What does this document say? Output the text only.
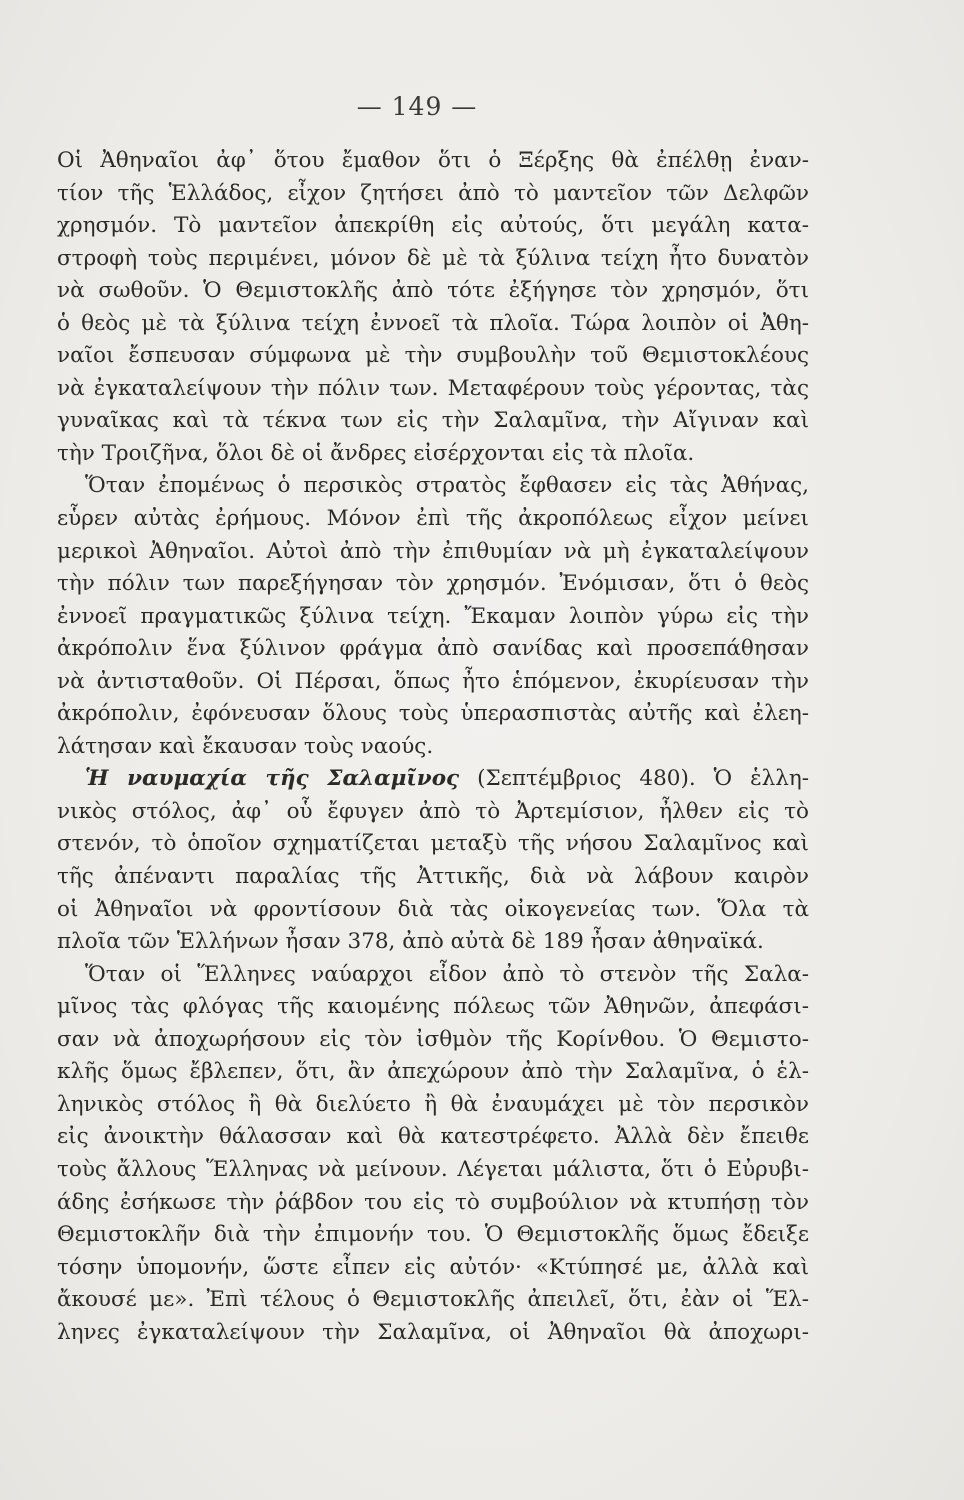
— 149 —
Οἱ Ἀθηναῖοι ἀφ᾽ ὅτου ἔμαθον ὅτι ὁ Ξέρξης θὰ ἐπέλθῃ ἐναν-
τίον τῆς Ἑλλάδος, εἶχον ζητήσει ἀπὸ τὸ μαντεῖον τῶν Δελφῶν
χρησμόν. Τὸ μαντεῖον ἀπεκρίθη εἰς αὐτούς, ὅτι μεγάλη κατα-
στροφὴ τοὺς περιμένει, μόνον δὲ μὲ τὰ ξύλινα τείχη ἦτο δυνατὸν
νὰ σωθοῦν. Ὁ Θεμιστοκλῆς ἀπὸ τότε ἐξήγησε τὸν χρησμόν, ὅτι
ὁ θεὸς μὲ τὰ ξύλινα τείχη ἐννοεῖ τὰ πλοῖα. Τώρα λοιπὸν οἱ Ἀθη-
ναῖοι ἔσπευσαν σύμφωνα μὲ τὴν συμβουλὴν τοῦ Θεμιστοκλέους
νὰ ἐγκαταλείψουν τὴν πόλιν των. Μεταφέρουν τοὺς γέροντας, τὰς
γυναῖκας καὶ τὰ τέκνα των εἰς τὴν Σαλαμῖνα, τὴν Αἴγιναν καὶ
τὴν Τροιζῆνα, ὅλοι δὲ οἱ ἄνδρες εἰσέρχονται εἰς τὰ πλοῖα.
Ὅταν ἐπομένως ὁ περσικὸς στρατὸς ἔφθασεν εἰς τὰς Ἀθήνας,
εὗρεν αὐτὰς ἐρήμους. Μόνον ἐπὶ τῆς ἀκροπόλεως εἶχον μείνει
μερικοὶ Ἀθηναῖοι. Αὐτοὶ ἀπὸ τὴν ἐπιθυμίαν νὰ μὴ ἐγκαταλείψουν
τὴν πόλιν των παρεξήγησαν τὸν χρησμόν. Ἐνόμισαν, ὅτι ὁ θεὸς
ἐννοεῖ πραγματικῶς ξύλινα τείχη. Ἔκαμαν λοιπὸν γύρω εἰς τὴν
ἀκρόπολιν ἕνα ξύλινον φράγμα ἀπὸ σανίδας καὶ προσεπάθησαν
νὰ ἀντισταθοῦν. Οἱ Πέρσαι, ὅπως ἦτο ἑπόμενον, ἐκυρίευσαν τὴν
ἀκρόπολιν, ἐφόνευσαν ὅλους τοὺς ὑπερασπιστὰς αὐτῆς καὶ ἐλεη-
λάτησαν καὶ ἔκαυσαν τοὺς ναούς.
Ἡ ναυμαχία τῆς Σαλαμῖνος (Σεπτέμβριος 480). Ὁ ἑλλη-
νικὸς στόλος, ἀφ᾽ οὗ ἔφυγεν ἀπὸ τὸ Ἀρτεμίσιον, ἦλθεν εἰς τὸ
στενόν, τὸ ὁποῖον σχηματίζεται μεταξὺ τῆς νήσου Σαλαμῖνος καὶ
τῆς ἀπέναντι παραλίας τῆς Ἀττικῆς, διὰ νὰ λάβουν καιρὸν
οἱ Ἀθηναῖοι νὰ φροντίσουν διὰ τὰς οἰκογενείας των. Ὅλα τὰ
πλοῖα τῶν Ἑλλήνων ἦσαν 378, ἀπὸ αὐτὰ δὲ 189 ἦσαν ἀθηναϊκά.
Ὅταν οἱ Ἕλληνες ναύαρχοι εἶδον ἀπὸ τὸ στενὸν τῆς Σαλα-
μῖνος τὰς φλόγας τῆς καιομένης πόλεως τῶν Ἀθηνῶν, ἀπεφάσι-
σαν νὰ ἀποχωρήσουν εἰς τὸν ἰσθμὸν τῆς Κορίνθου. Ὁ Θεμιστο-
κλῆς ὅμως ἔβλεπεν, ὅτι, ἂν ἀπεχώρουν ἀπὸ τὴν Σαλαμῖνα, ὁ ἑλ-
ληνικὸς στόλος ἢ θὰ διελύετο ἢ θὰ ἐναυμάχει μὲ τὸν περσικὸν
εἰς ἀνοικτὴν θάλασσαν καὶ θὰ κατεστρέφετο. Ἀλλὰ δὲν ἔπειθε
τοὺς ἄλλους Ἕλληνας νὰ μείνουν. Λέγεται μάλιστα, ὅτι ὁ Εὐρυβι-
άδης ἐσήκωσε τὴν ῥάβδον του εἰς τὸ συμβούλιον νὰ κτυπήσῃ τὸν
Θεμιστοκλῆν διὰ τὴν ἐπιμονήν του. Ὁ Θεμιστοκλῆς ὅμως ἔδειξε
τόσην ὑπομονήν, ὥστε εἶπεν εἰς αὐτόν· «Κτύπησέ με, ἀλλὰ καὶ
ἄκουσέ με». Ἐπὶ τέλους ὁ Θεμιστοκλῆς ἀπειλεῖ, ὅτι, ἐὰν οἱ Ἕλ-
ληνες ἐγκαταλείψουν τὴν Σαλαμῖνα, οἱ Ἀθηναῖοι θὰ ἀποχωρι-
